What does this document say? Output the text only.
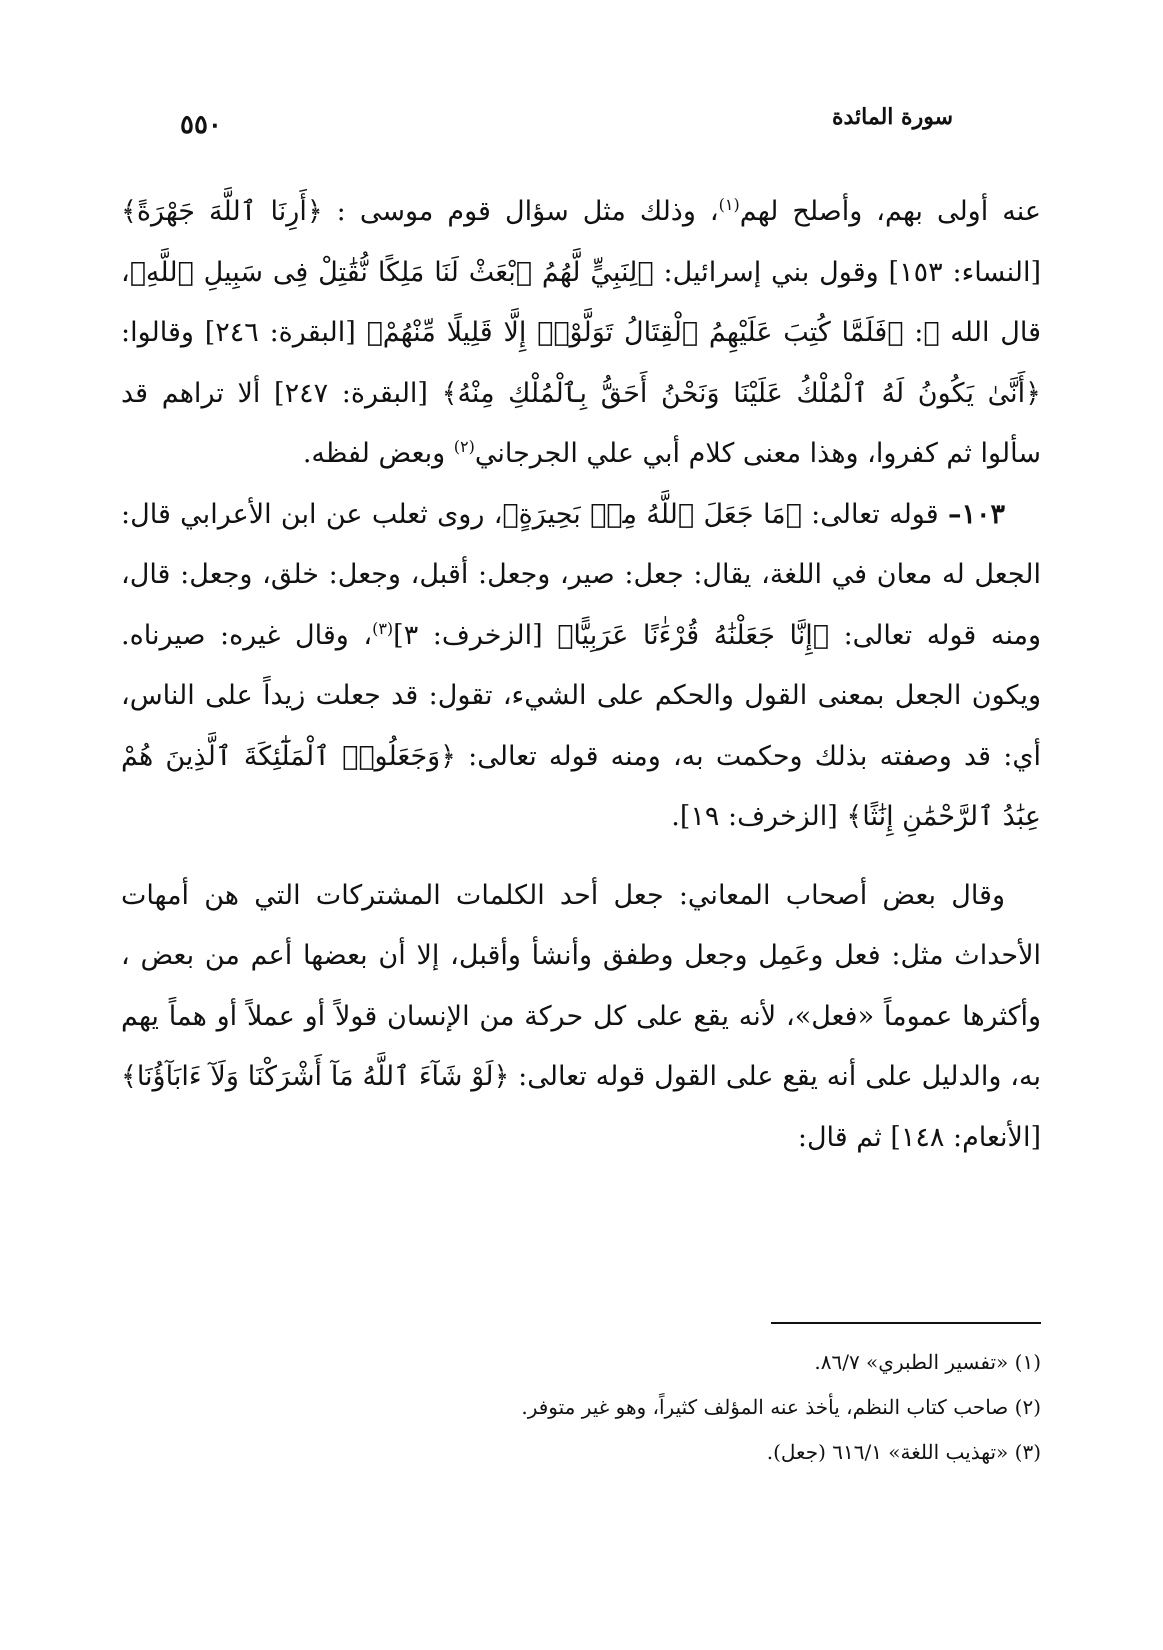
سورة المائدة
٥٥٠

عنه أولى بهم، وأصلح لهم$^{(١)}$، وذلك مثل سؤال قوم موسى : ﴿أَرِنَا ٱللَّهَ جَهْرَةً﴾ [النساء: ١٥٣] وقول بني إسرائيل: ﴿لِنَبِيٍّ لَّهُمُ ٱبْعَثْ لَنَا مَلِكًا نُّقَٰتِلْ فِى سَبِيلِ ٱللَّهِ﴾، قال الله ﷻ: ﴿فَلَمَّا كُتِبَ عَلَيْهِمُ ٱلْقِتَالُ تَوَلَّوْا۟ إِلَّا قَلِيلًا مِّنْهُمْ﴾ [البقرة: ٢٤٦] وقالوا: ﴿أَنَّىٰ يَكُونُ لَهُ ٱلْمُلْكُ عَلَيْنَا وَنَحْنُ أَحَقُّ بِٱلْمُلْكِ مِنْهُ﴾ [البقرة: ٢٤٧] ألا تراهم قد سألوا ثم كفروا، وهذا معنى كلام أبي علي الجرجاني$^{(٢)}$ وبعض لفظه.

١٠٣– قوله تعالى: ﴿مَا جَعَلَ ٱللَّهُ مِنۢ بَحِيرَةٍ﴾، روى ثعلب عن ابن الأعرابي قال: الجعل له معان في اللغة، يقال: جعل: صير، وجعل: أقبل، وجعل: خلق، وجعل: قال، ومنه قوله تعالى: ﴿إِنَّا جَعَلْنَٰهُ قُرْءَٰنًا عَرَبِيًّا﴾ [الزخرف: ٣]$^{(٣)}$، وقال غيره: صيرناه. ويكون الجعل بمعنى القول والحكم على الشيء، تقول: قد جعلت زيداً على الناس، أي: قد وصفته بذلك وحكمت به، ومنه قوله تعالى: ﴿وَجَعَلُوا۟ ٱلْمَلَٰٓئِكَةَ ٱلَّذِينَ هُمْ عِبَٰدُ ٱلرَّحْمَٰنِ إِنَٰثًا﴾ [الزخرف: ١٩].

وقال بعض أصحاب المعاني: جعل أحد الكلمات المشتركات التي هن أمهات الأحداث مثل: فعل وعَمِل وجعل وطفق وأنشأ وأقبل، إلا أن بعضها أعم من بعض ، وأكثرها عموماً «فعل»، لأنه يقع على كل حركة من الإنسان قولاً أو عملاً أو هماً يهم به، والدليل على أنه يقع على القول قوله تعالى: ﴿لَوْ شَآءَ ٱللَّهُ مَآ أَشْرَكْنَا وَلَآ ءَابَآؤُنَا﴾ [الأنعام: ١٤٨] ثم قال:

(١) «تفسير الطبري» ٨٦/٧.
(٢) صاحب كتاب النظم، يأخذ عنه المؤلف كثيراً، وهو غير متوفر.
(٣) «تهذيب اللغة» ٦١٦/١ (جعل).
